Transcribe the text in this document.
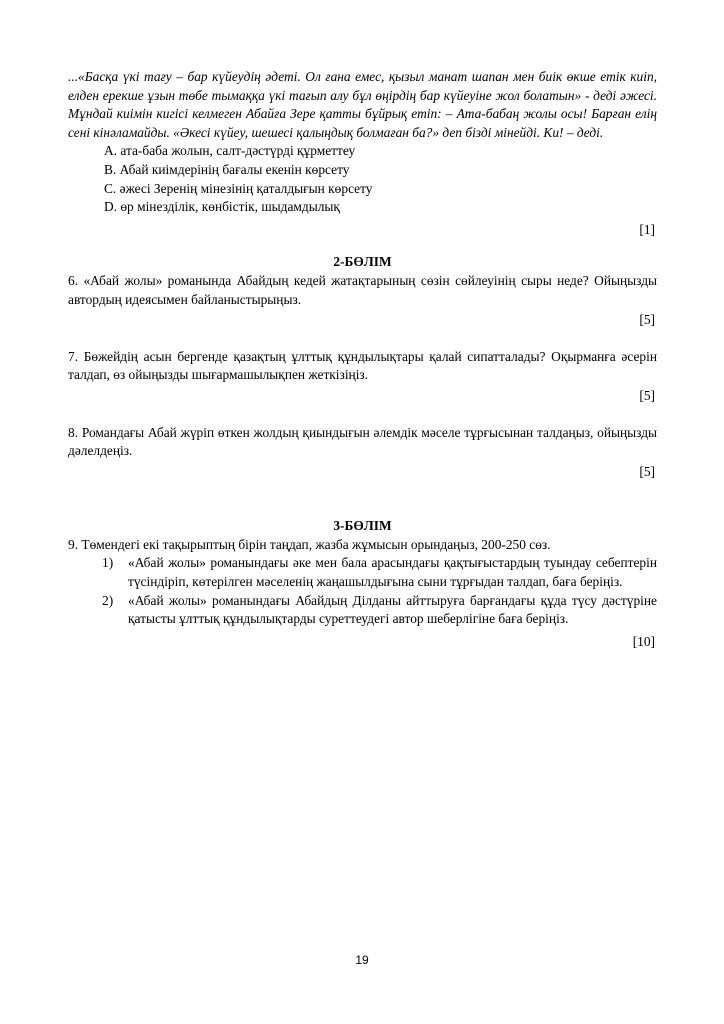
...«Басқа үкі тағу – бар күйеудің әдеті. Ол ғана емес, қызыл манат шапан мен биік өкше етік киіп, елден ерекше ұзын төбе тымаққа үкі тағып алу бұл өңірдің бар күйеуіне жол болатын» - деді әжесі. Мұндай киімін кигісі келмеген Абайға Зере қатты бұйрық етіп: – Ата-бабаң жолы осы! Барған елің сені кінәламайды. «Әкесі күйеу, шешесі қалыңдық болмаған ба?» деп бізді мінейді. Ки! – деді.

A. ата-баба жолын, салт-дәстүрді құрметтеу
B. Абай киімдерінің бағалы екенін көрсету
C. әжесі Зеренің мінезінің қаталдығын көрсету
D. өр мінезділік, көнбістік, шыдамдылық
[1]
2-БӨЛІМ

6. «Абай жолы» романында Абайдың кедей жатақтарының сөзін сөйлеуінің сыры неде? Ойыңызды автордың идеясымен байланыстырыңыз.

[5]

7. Бөжейдің асын бергенде қазақтың ұлттық құндылықтары қалай сипатталады? Оқырманға әсерін талдап, өз ойыңызды шығармашылықпен жеткізіңіз.

[5]

8. Романдағы Абай жүріп өткен жолдың қиындығын әлемдік мәселе тұрғысынан талдаңыз, ойыңызды дәлелдеңіз.

[5]
3-БӨЛІМ

9. Төмендегі екі тақырыптың бірін таңдап, жазба жұмысын орындаңыз, 200-250 сөз.

1) «Абай жолы» романындағы әке мен бала арасындағы қақтығыстардың туындау себептерін түсіндіріп, көтерілген мәселенің жаңашылдығына сыни тұрғыдан талдап, баға беріңіз.
2) «Абай жолы» романындағы Абайдың Ділданы айттыруға барғандағы құда түсу дәстүріне қатысты ұлттық құндылықтарды суреттеудегі автор шеберлігіне баға беріңіз.
[10]
19
